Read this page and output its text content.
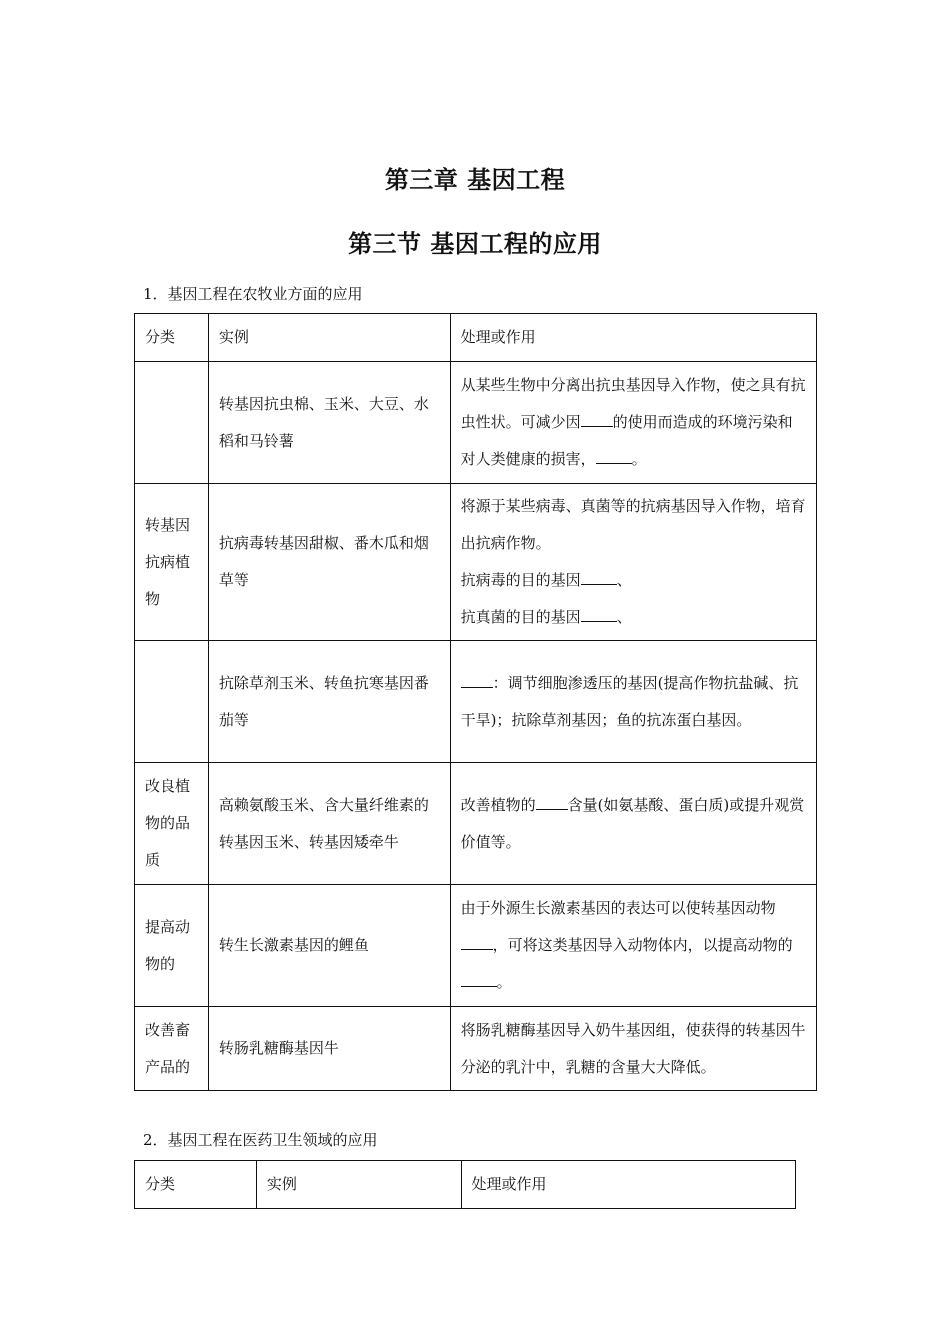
第三章 基因工程
第三节 基因工程的应用
1．基因工程在农牧业方面的应用
分类	实例	处理或作用
	转基因抗虫棉、玉米、大豆、水稻和马铃薯	从某些生物中分离出抗虫基因导入作物，使之具有抗虫性状。可减少因 的使用而造成的环境污染和对人类健康的损害， 。
转基因抗病植物	抗病毒转基因甜椒、番木瓜和烟草等	将源于某些病毒、真菌等的抗病基因导入作物，培育出抗病作物。
抗病毒的目的基因 、
抗真菌的目的基因 、

	抗除草剂玉米、转鱼抗寒基因番茄等	：调节细胞渗透压的基因(提高作物抗盐碱、抗干旱)；抗除草剂基因；鱼的抗冻蛋白基因。
改良植物的品质	高赖氨酸玉米、含大量纤维素的转基因玉米、转基因矮牵牛	改善植物的 含量(如氨基酸、蛋白质)或提升观赏价值等。
提高动物的	转生长激素基因的鲤鱼	由于外源生长激素基因的表达可以使转基因动物，可将这类基因导入动物体内，以提高动物的。
改善畜产品的	转肠乳糖酶基因牛	将肠乳糖酶基因导入奶牛基因组，使获得的转基因牛分泌的乳汁中，乳糖的含量大大降低。
2．基因工程在医药卫生领域的应用
分类	实例	处理或作用
